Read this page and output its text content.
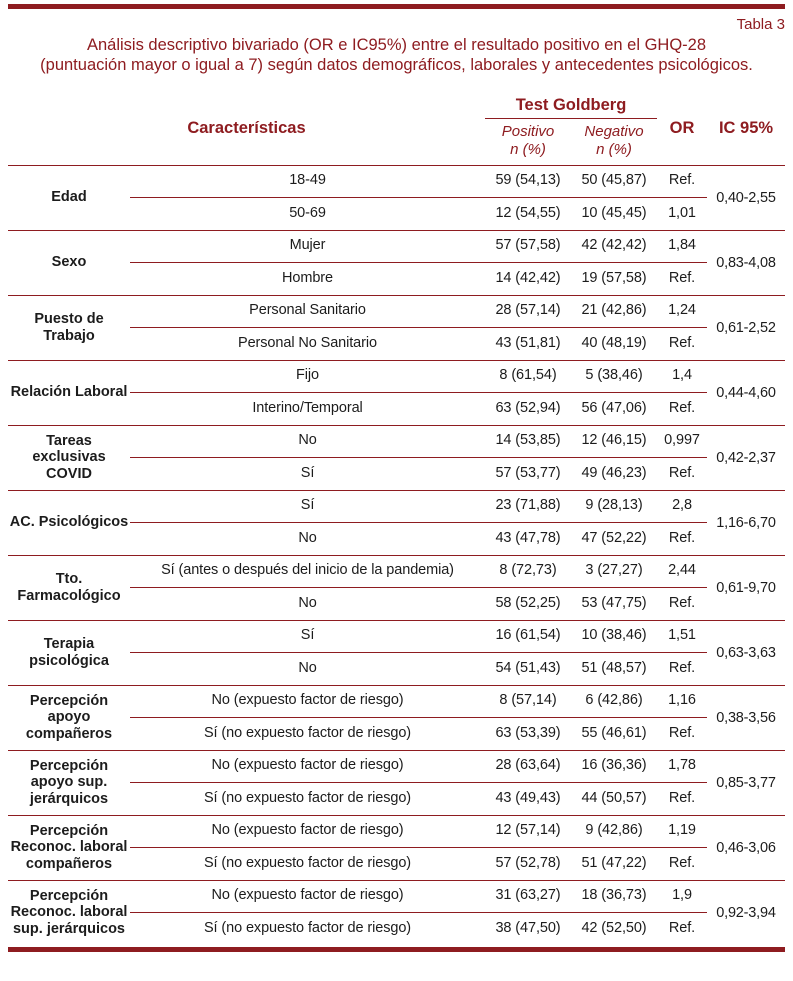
Tabla 3
Análisis descriptivo bivariado (OR e IC95%) entre el resultado positivo en el GHQ-28
(puntuación mayor o igual a 7) según datos demográficos, laborales y antecedentes psicológicos.
Características
Test Goldberg
Positivo
n (%)
Negativo
n (%)
OR	IC 95%
Edad
18-49	59 (54,13)	50 (45,87)	Ref.
0,40-2,55
50-69	12 (54,55)	10 (45,45)	1,01
Sexo
Mujer	57 (57,58)	42 (42,42)	1,84
0,83-4,08
Hombre	14 (42,42)	19 (57,58)	Ref.
Puesto de Trabajo
Personal Sanitario	28 (57,14)	21 (42,86)	1,24
0,61-2,52
Personal No Sanitario	43 (51,81)	40 (48,19)	Ref.
Relación Laboral
Fijo	8 (61,54)	5 (38,46)	1,4
0,44-4,60
Interino/Temporal	63 (52,94)	56 (47,06)	Ref.
Tareas exclusivas COVID
No	14 (53,85)	12 (46,15)	0,997
0,42-2,37
Sí	57 (53,77)	49 (46,23)	Ref.
AC. Psicológicos
Sí	23 (71,88)	9 (28,13)	2,8
1,16-6,70
No	43 (47,78)	47 (52,22)	Ref.
Tto. Farmacológico
Sí (antes o después del inicio de la pandemia)	8 (72,73)	3 (27,27)	2,44
0,61-9,70
No	58 (52,25)	53 (47,75)	Ref.
Terapia psicológica
Sí	16 (61,54)	10 (38,46)	1,51
0,63-3,63
No	54 (51,43)	51 (48,57)	Ref.
Percepción apoyo compañeros
No (expuesto factor de riesgo)	8 (57,14)	6 (42,86)	1,16
0,38-3,56
Sí (no expuesto factor de riesgo)	63 (53,39)	55 (46,61)	Ref.
Percepción apoyo sup. jerárquicos
No (expuesto factor de riesgo)	28 (63,64)	16 (36,36)	1,78
0,85-3,77
Sí (no expuesto factor de riesgo)	43 (49,43)	44 (50,57)	Ref.
Percepción Reconoc. laboral compañeros
No (expuesto factor de riesgo)	12 (57,14)	9 (42,86)	1,19
0,46-3,06
Sí (no expuesto factor de riesgo)	57 (52,78)	51 (47,22)	Ref.
Percepción Reconoc. laboral sup. jerárquicos
No (expuesto factor de riesgo)	31 (63,27)	18 (36,73)	1,9
0,92-3,94
Sí (no expuesto factor de riesgo)	38 (47,50)	42 (52,50)	Ref.
